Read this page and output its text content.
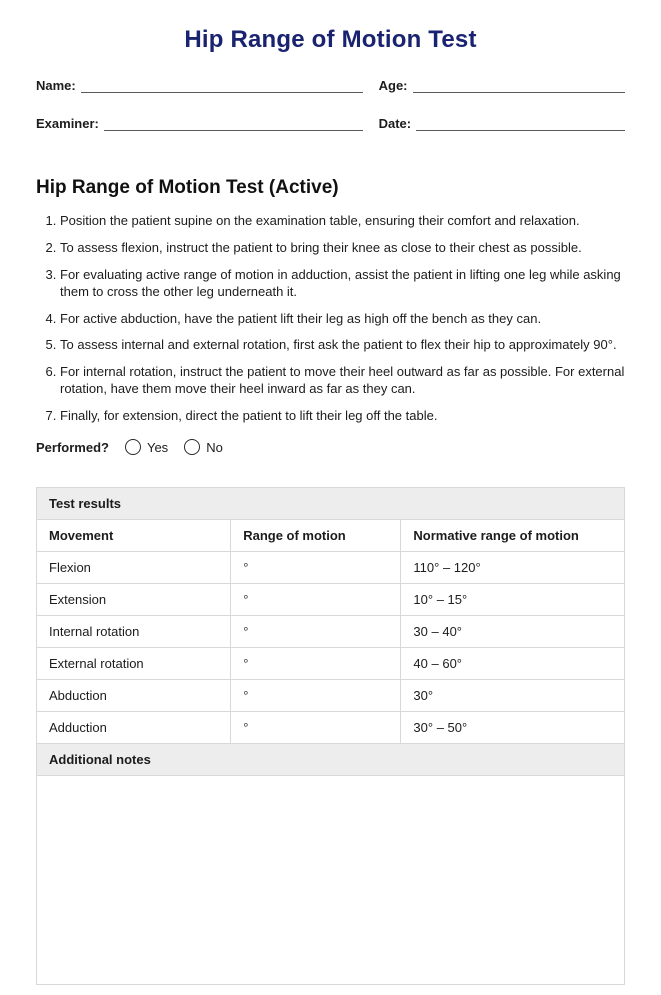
Hip Range of Motion Test
Name:	Age:
Examiner:	Date:
Hip Range of Motion Test (Active)
1. Position the patient supine on the examination table, ensuring their comfort and relaxation.
2. To assess flexion, instruct the patient to bring their knee as close to their chest as possible.
3. For evaluating active range of motion in adduction, assist the patient in lifting one leg while asking them to cross the other leg underneath it.
4. For active abduction, have the patient lift their leg as high off the bench as they can.
5. To assess internal and external rotation, first ask the patient to flex their hip to approximately 90°.
6. For internal rotation, instruct the patient to move their heel outward as far as possible. For external rotation, have them move their heel inward as far as they can.
7. Finally, for extension, direct the patient to lift their leg off the table.
Performed?	Yes	No
Test results
Movement	Range of motion	Normative range of motion
Flexion	°	110° – 120°
Extension	°	10° – 15°
Internal rotation	°	30 – 40°
External rotation	°	40 – 60°
Abduction	°	30°
Adduction	°	30° – 50°
Additional notes
